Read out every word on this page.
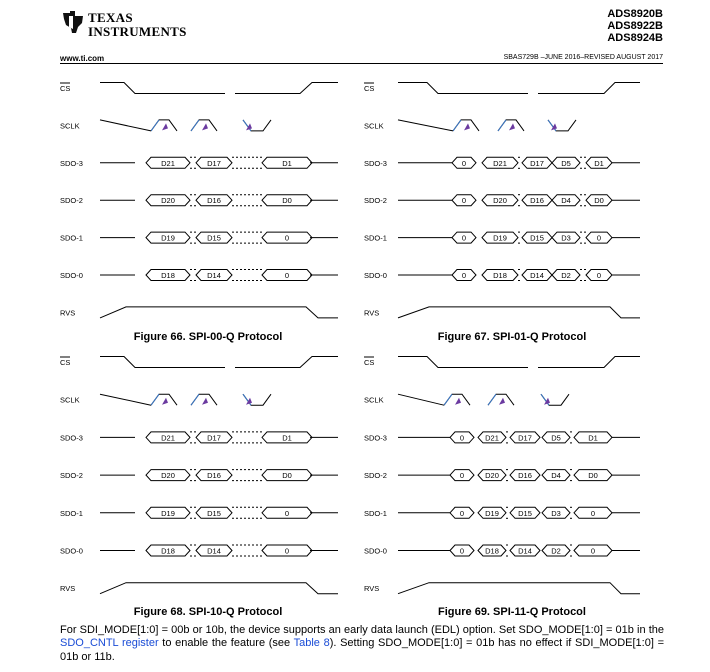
TEXAS
INSTRUMENTS
ADS8920B
ADS8922B
ADS8924B
www.ti.com	SBAS729B –JUNE 2016–REVISED AUGUST 2017
CS
SCLK
SDO-3
SDO-2
SDO-1
SDO-0
RVS
D21	D17	D1
D20	D16	D0
D19	D15	0
D18	D14	0
Figure 66. SPI-00-Q Protocol
CS
SCLK
SDO-3
SDO-2
SDO-1
SDO-0
RVS
0	D21	D17 D5	D1
0	D20	D16 D4	D0
0	D19	D15 D3	0
0	D18	D14 D2	0
Figure 67. SPI-01-Q Protocol
CS
SCLK
SDO-3
SDO-2
SDO-1
SDO-0
RVS
D21	D17	D1
D20	D16	D0
D19	D15	0
D18	D14	0
Figure 68. SPI-10-Q Protocol
CS
SCLK
SDO-3
SDO-2
SDO-1
SDO-0
RVS
0	D21	D17	D5	D1
0	D20	D16	D4	D0
0	D19	D15	D3	0
0	D18	D14	D2	0
Figure 69. SPI-11-Q Protocol
For SDI_MODE[1:0] = 00b or 10b, the device supports an early data launch (EDL) option. Set SDO_MODE[1:0] = 01b in the SDO_CNTL register to enable the feature (see Table 8). Setting SDO_MODE[1:0] = 01b has no effect if SDI_MODE[1:0] = 01b or 11b.
